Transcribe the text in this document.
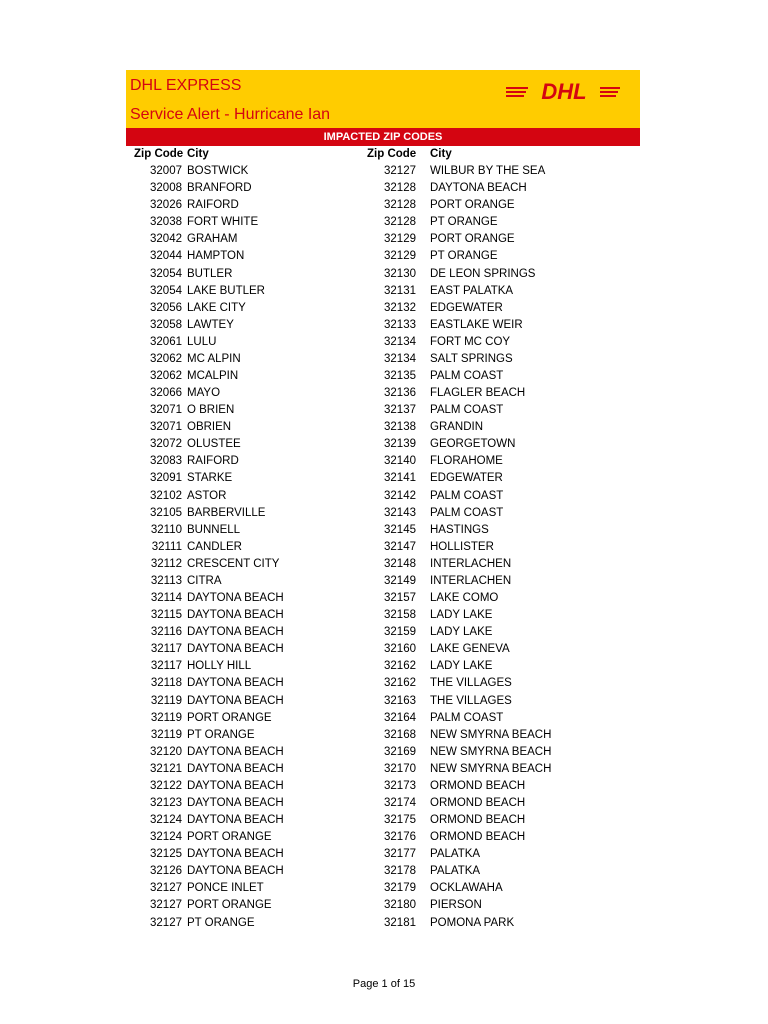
DHL EXPRESS
Service Alert - Hurricane Ian
DHL
IMPACTED ZIP CODES
Zip Code City
32007 BOSTWICK
32008 BRANFORD
32026 RAIFORD
32038 FORT WHITE
32042 GRAHAM
32044 HAMPTON
32054 BUTLER
32054 LAKE BUTLER
32056 LAKE CITY
32058 LAWTEY
32061 LULU
32062 MC ALPIN
32062 MCALPIN
32066 MAYO
32071 O BRIEN
32071 OBRIEN
32072 OLUSTEE
32083 RAIFORD
32091 STARKE
32102 ASTOR
32105 BARBERVILLE
32110 BUNNELL
32111 CANDLER
32112 CRESCENT CITY
32113 CITRA
32114 DAYTONA BEACH
32115 DAYTONA BEACH
32116 DAYTONA BEACH
32117 DAYTONA BEACH
32117 HOLLY HILL
32118 DAYTONA BEACH
32119 DAYTONA BEACH
32119 PORT ORANGE
32119 PT ORANGE
32120 DAYTONA BEACH
32121 DAYTONA BEACH
32122 DAYTONA BEACH
32123 DAYTONA BEACH
32124 DAYTONA BEACH
32124 PORT ORANGE
32125 DAYTONA BEACH
32126 DAYTONA BEACH
32127 PONCE INLET
32127 PORT ORANGE
32127 PT ORANGE
Zip Code City
32127 WILBUR BY THE SEA
32128 DAYTONA BEACH
32128 PORT ORANGE
32128 PT ORANGE
32129 PORT ORANGE
32129 PT ORANGE
32130 DE LEON SPRINGS
32131 EAST PALATKA
32132 EDGEWATER
32133 EASTLAKE WEIR
32134 FORT MC COY
32134 SALT SPRINGS
32135 PALM COAST
32136 FLAGLER BEACH
32137 PALM COAST
32138 GRANDIN
32139 GEORGETOWN
32140 FLORAHOME
32141 EDGEWATER
32142 PALM COAST
32143 PALM COAST
32145 HASTINGS
32147 HOLLISTER
32148 INTERLACHEN
32149 INTERLACHEN
32157 LAKE COMO
32158 LADY LAKE
32159 LADY LAKE
32160 LAKE GENEVA
32162 LADY LAKE
32162 THE VILLAGES
32163 THE VILLAGES
32164 PALM COAST
32168 NEW SMYRNA BEACH
32169 NEW SMYRNA BEACH
32170 NEW SMYRNA BEACH
32173 ORMOND BEACH
32174 ORMOND BEACH
32175 ORMOND BEACH
32176 ORMOND BEACH
32177 PALATKA
32178 PALATKA
32179 OCKLAWAHA
32180 PIERSON
32181 POMONA PARK
Page 1 of 15
